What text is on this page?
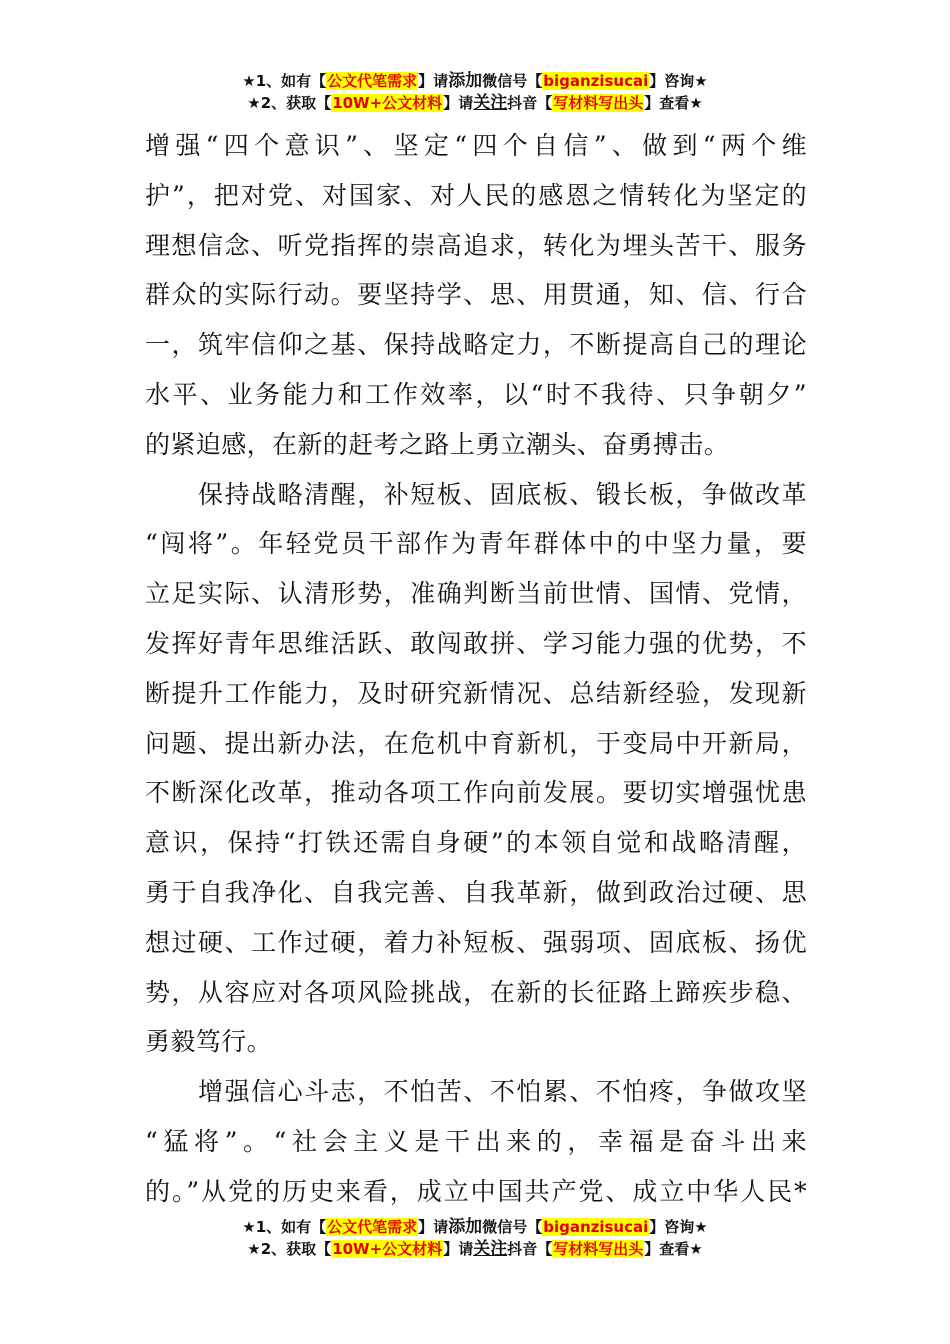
★1、如有【公文代笔需求】请添加微信号【biganzisucai】咨询★
★2、获取【10W+公文材料】请关注抖音【写材料写出头】查看★
增强“四个意识”、坚定“四个自信”、做到“两个维
护”，把对党、对国家、对人民的感恩之情转化为坚定的
理想信念、听党指挥的崇高追求，转化为埋头苦干、服务
群众的实际行动。要坚持学、思、用贯通，知、信、行合
一，筑牢信仰之基、保持战略定力，不断提高自己的理论
水平、业务能力和工作效率，以“时不我待、只争朝夕”
的紧迫感，在新的赶考之路上勇立潮头、奋勇搏击。
　　保持战略清醒，补短板、固底板、锻长板，争做改革
“闯将”。年轻党员干部作为青年群体中的中坚力量，要
立足实际、认清形势，准确判断当前世情、国情、党情，
发挥好青年思维活跃、敢闯敢拼、学习能力强的优势，不
断提升工作能力，及时研究新情况、总结新经验，发现新
问题、提出新办法，在危机中育新机，于变局中开新局，
不断深化改革，推动各项工作向前发展。要切实增强忧患
意识，保持“打铁还需自身硬”的本领自觉和战略清醒，
勇于自我净化、自我完善、自我革新，做到政治过硬、思
想过硬、工作过硬，着力补短板、强弱项、固底板、扬优
势，从容应对各项风险挑战，在新的长征路上蹄疾步稳、
勇毅笃行。
　　增强信心斗志，不怕苦、不怕累、不怕疼，争做攻坚
“猛将”。“社会主义是干出来的，幸福是奋斗出来
的。”从党的历史来看，成立中国共产党、成立中华人民*
★1、如有【公文代笔需求】请添加微信号【biganzisucai】咨询★
★2、获取【10W+公文材料】请关注抖音【写材料写出头】查看★
